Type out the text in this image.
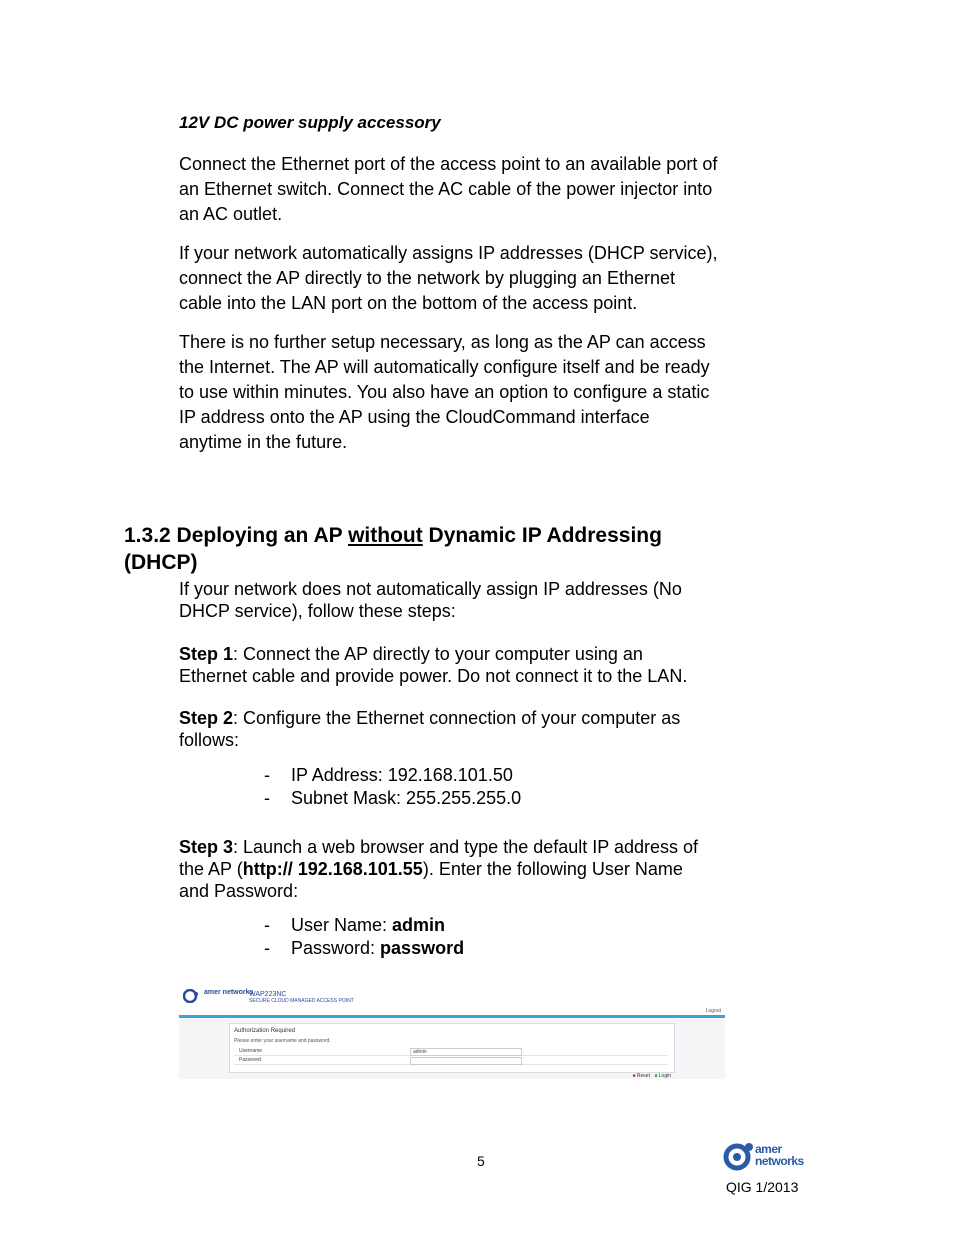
12V DC power supply accessory
Connect the Ethernet port of the access point to an available port of
an Ethernet switch. Connect the AC cable of the power injector into
an AC outlet.
If your network automatically assigns IP addresses (DHCP service),
connect the AP directly to the network by plugging an Ethernet
cable into the LAN port on the bottom of the access point.
There is no further setup necessary, as long as the AP can access
the Internet. The AP will automatically configure itself and be ready
to use within minutes. You also have an option to configure a static
IP address onto the AP using the CloudCommand interface
anytime in the future.
1.3.2 Deploying an AP without Dynamic IP Addressing
(DHCP)
If your network does not automatically assign IP addresses (No
DHCP service), follow these steps:
Step 1: Connect the AP directly to your computer using an
Ethernet cable and provide power. Do not connect it to the LAN.
Step 2: Configure the Ethernet connection of your computer as
follows:
- IP Address: 192.168.101.50
- Subnet Mask: 255.255.255.0
Step 3: Launch a web browser and type the default IP address of
the AP (http:// 192.168.101.55). Enter the following User Name
and Password:
- User Name: admin
- Password: password
amer networks
WAP223NC
SECURE CLOUD MANAGED ACCESS POINT
Logout
Authorization Required
Please enter your username and password.
Username	admin
Password
■ Reset ■ Login
5
amer networks
QIG 1/2013
